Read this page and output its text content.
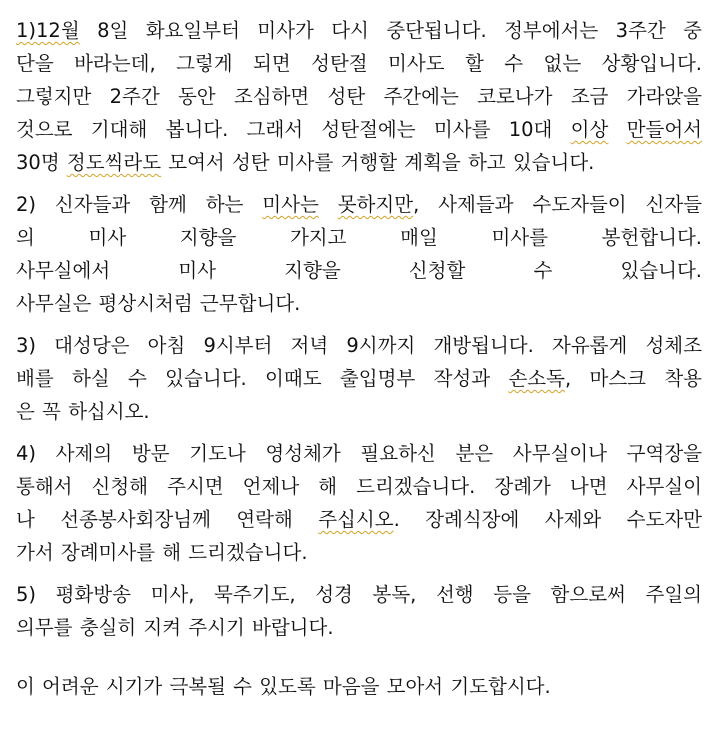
1)12월 8일 화요일부터 미사가 다시 중단됩니다. 정부에서는 3주간 중
단을 바라는데, 그렇게 되면 성탄절 미사도 할 수 없는 상황입니다.
그렇지만 2주간 동안 조심하면 성탄 주간에는 코로나가 조금 가라앉을
것으로 기대해 봅니다. 그래서 성탄절에는 미사를 10대 이상 만들어서
30명 정도씩라도 모여서 성탄 미사를 거행할 계획을 하고 있습니다.
2) 신자들과 함께 하는 미사는 못하지만, 사제들과 수도자들이 신자들
의 미사 지향을 가지고 매일 미사를 봉헌합니다.
사무실에서 미사 지향을 신청할 수 있습니다.
사무실은 평상시처럼 근무합니다.
3) 대성당은 아침 9시부터 저녁 9시까지 개방됩니다. 자유롭게 성체조
배를 하실 수 있습니다. 이때도 출입명부 작성과 손소독, 마스크 착용
은 꼭 하십시오.
4) 사제의 방문 기도나 영성체가 필요하신 분은 사무실이나 구역장을
통해서 신청해 주시면 언제나 해 드리겠습니다. 장례가 나면 사무실이
나 선종봉사회장님께 연락해 주십시오. 장례식장에 사제와 수도자만
가서 장례미사를 해 드리겠습니다.
5) 평화방송 미사, 묵주기도, 성경 봉독, 선행 등을 함으로써 주일의
의무를 충실히 지켜 주시기 바랍니다.
이 어려운 시기가 극복될 수 있도록 마음을 모아서 기도합시다.
